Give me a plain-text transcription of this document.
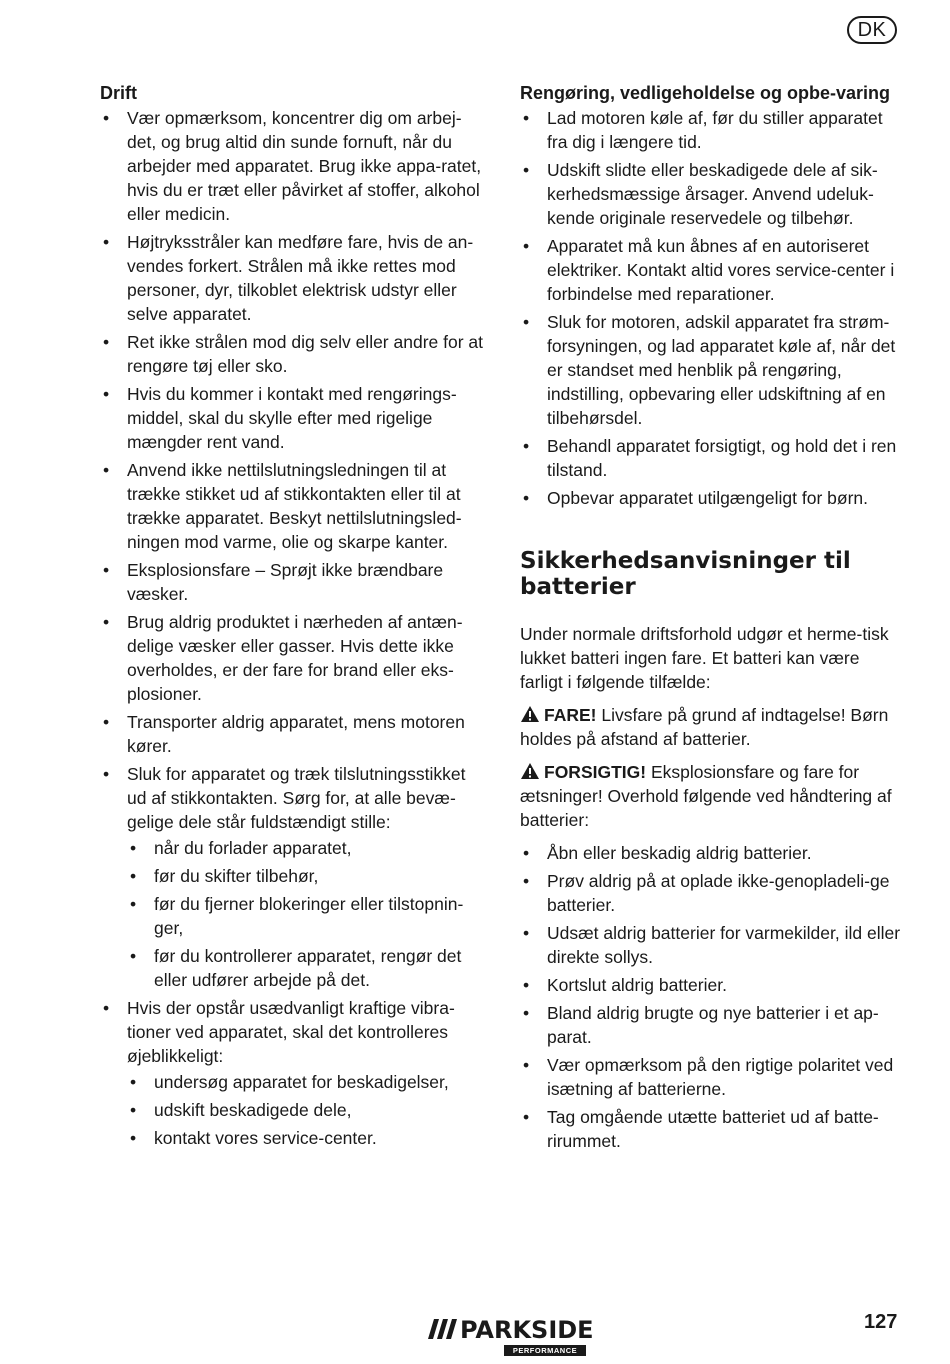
DK
Drift
• Vær opmærksom, koncentrer dig om arbej-det, og brug altid din sunde fornuft, når du arbejder med apparatet. Brug ikke appa-ratet, hvis du er træt eller påvirket af stoffer, alkohol eller medicin.
• Højtryksstråler kan medføre fare, hvis de an-vendes forkert. Strålen må ikke rettes mod personer, dyr, tilkoblet elektrisk udstyr eller selve apparatet.
• Ret ikke strålen mod dig selv eller andre for at rengøre tøj eller sko.
• Hvis du kommer i kontakt med rengørings-middel, skal du skylle efter med rigelige mængder rent vand.
• Anvend ikke nettilslutningsledningen til at trække stikket ud af stikkontakten eller til at trække apparatet. Beskyt nettilslutningsled-ningen mod varme, olie og skarpe kanter.
• Eksplosionsfare – Sprøjt ikke brændbare væsker.
• Brug aldrig produktet i nærheden af antæn-delige væsker eller gasser. Hvis dette ikke overholdes, er der fare for brand eller eks-plosioner.
• Transporter aldrig apparatet, mens motoren kører.
• Sluk for apparatet og træk tilslutningsstikket ud af stikkontakten. Sørg for, at alle bevæ-gelige dele står fuldstændigt stille:
• når du forlader apparatet,
• før du skifter tilbehør,
• før du fjerner blokeringer eller tilstopnin-ger,
• før du kontrollerer apparatet, rengør det eller udfører arbejde på det.
• Hvis der opstår usædvanligt kraftige vibra-tioner ved apparatet, skal det kontrolleres øjeblikkeligt:
• undersøg apparatet for beskadigelser,
• udskift beskadigede dele,
• kontakt vores service-center.
Rengøring, vedligeholdelse og opbe-varing
• Lad motoren køle af, før du stiller apparatet fra dig i længere tid.
• Udskift slidte eller beskadigede dele af sik-kerhedsmæssige årsager. Anvend udeluk-kende originale reservedele og tilbehør.
• Apparatet må kun åbnes af en autoriseret elektriker. Kontakt altid vores service-center i forbindelse med reparationer.
• Sluk for motoren, adskil apparatet fra strøm-forsyningen, og lad apparatet køle af, når det er standset med henblik på rengøring, indstilling, opbevaring eller udskiftning af en tilbehørsdel.
• Behandl apparatet forsigtigt, og hold det i ren tilstand.
• Opbevar apparatet utilgængeligt for børn.
Sikkerhedsanvisninger til batterier

Under normale driftsforhold udgør et herme-tisk lukket batteri ingen fare. Et batteri kan være farligt i følgende tilfælde:

FARE! Livsfare på grund af indtagelse! Børn holdes på afstand af batterier.

FORSIGTIG! Eksplosionsfare og fare for ætsninger! Overhold følgende ved håndtering af batterier:

• Åbn eller beskadig aldrig batterier.
• Prøv aldrig på at oplade ikke-genopladeli-ge batterier.
• Udsæt aldrig batterier for varmekilder, ild eller direkte sollys.
• Kortslut aldrig batterier.
• Bland aldrig brugte og nye batterier i et ap-parat.
• Vær opmærksom på den rigtige polaritet ved isætning af batterierne.
• Tag omgående utætte batteriet ud af batte-rirummet.
PARKSIDE
PERFORMANCE
127
